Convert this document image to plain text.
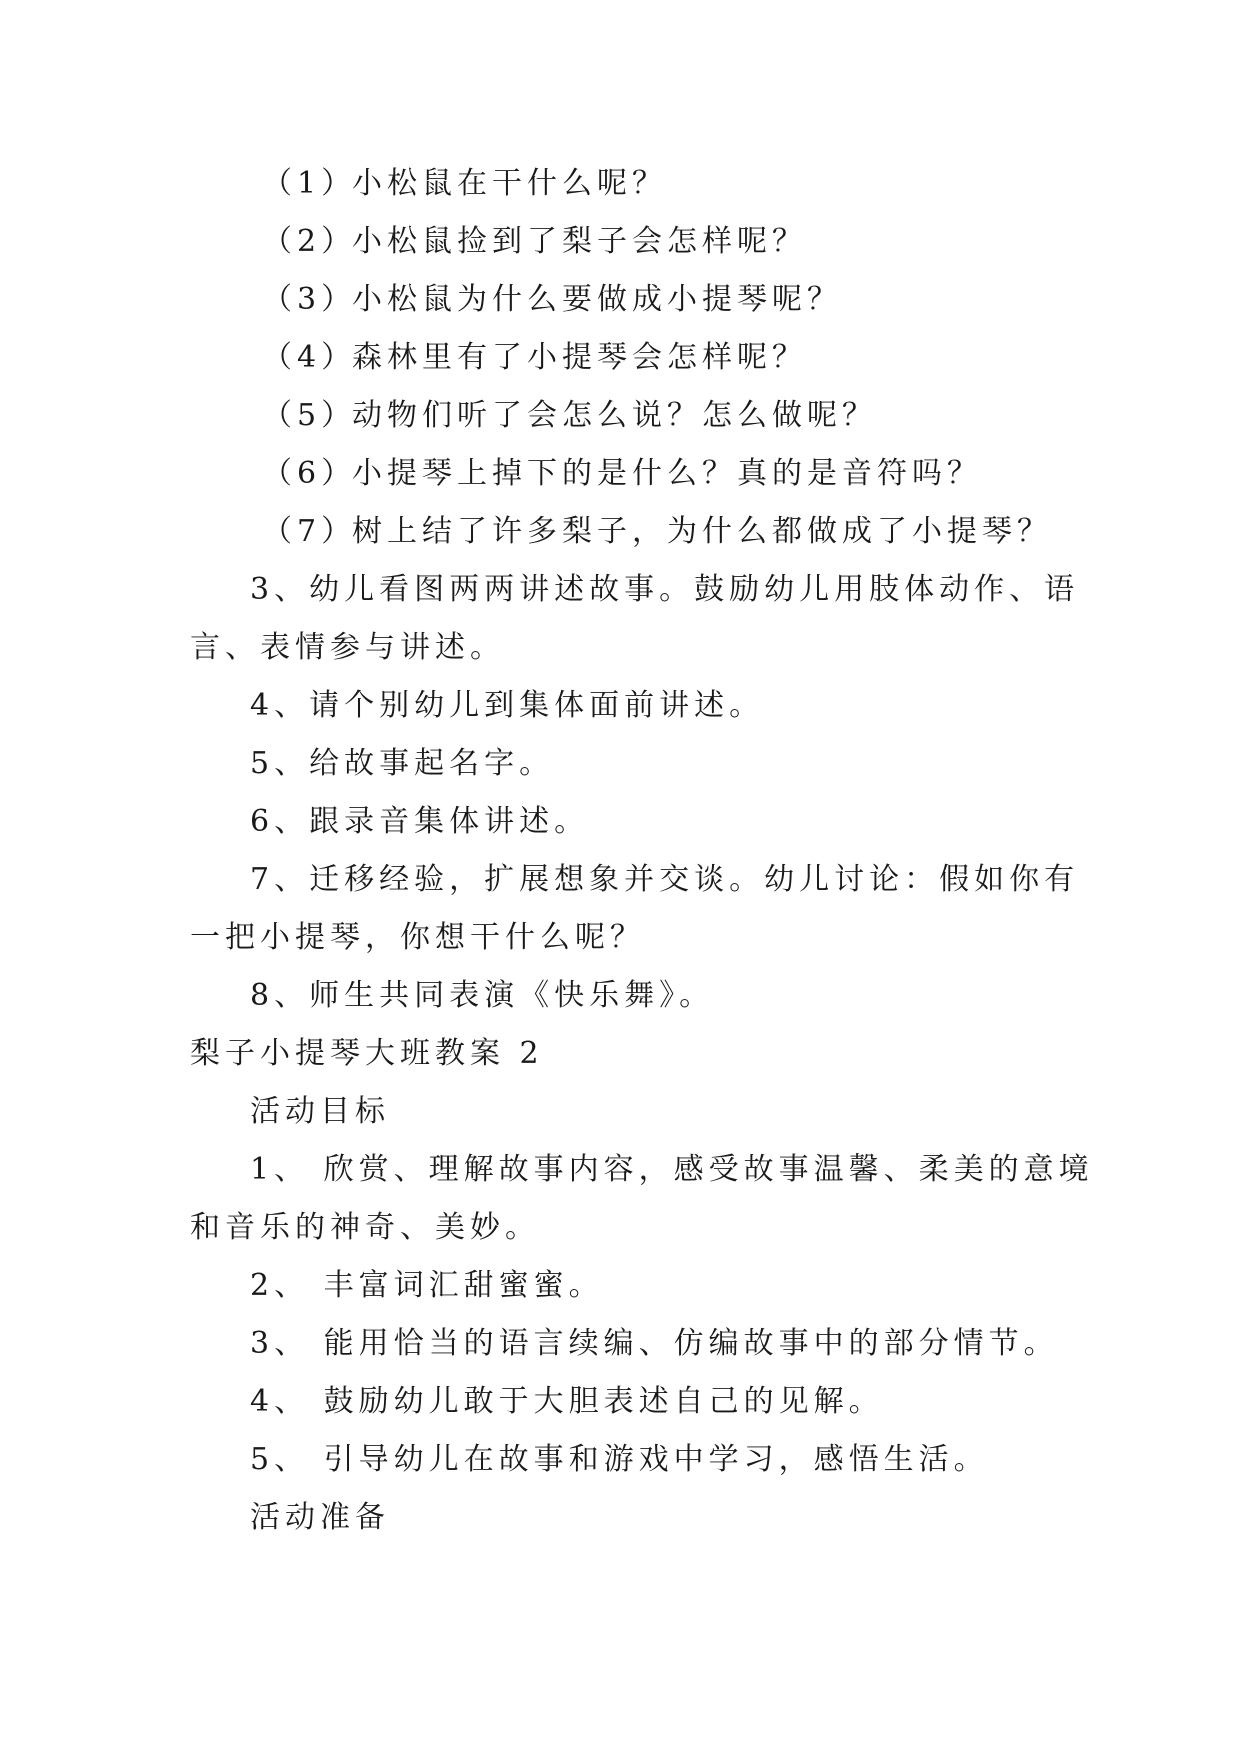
（1）小松鼠在干什么呢？
（2）小松鼠捡到了梨子会怎样呢？
（3）小松鼠为什么要做成小提琴呢？
（4）森林里有了小提琴会怎样呢？
（5）动物们听了会怎么说？怎么做呢？
（6）小提琴上掉下的是什么？真的是音符吗？
（7）树上结了许多梨子，为什么都做成了小提琴？
3、幼儿看图两两讲述故事。鼓励幼儿用肢体动作、语
言、表情参与讲述。
4、请个别幼儿到集体面前讲述。
5、给故事起名字。
6、跟录音集体讲述。
7、迁移经验，扩展想象并交谈。幼儿讨论：假如你有
一把小提琴，你想干什么呢？
8、师生共同表演《快乐舞》。
梨子小提琴大班教案 2
活动目标
1、 欣赏、理解故事内容，感受故事温馨、柔美的意境
和音乐的神奇、美妙。
2、 丰富词汇甜蜜蜜。
3、 能用恰当的语言续编、仿编故事中的部分情节。
4、 鼓励幼儿敢于大胆表述自己的见解。
5、 引导幼儿在故事和游戏中学习，感悟生活。
活动准备
